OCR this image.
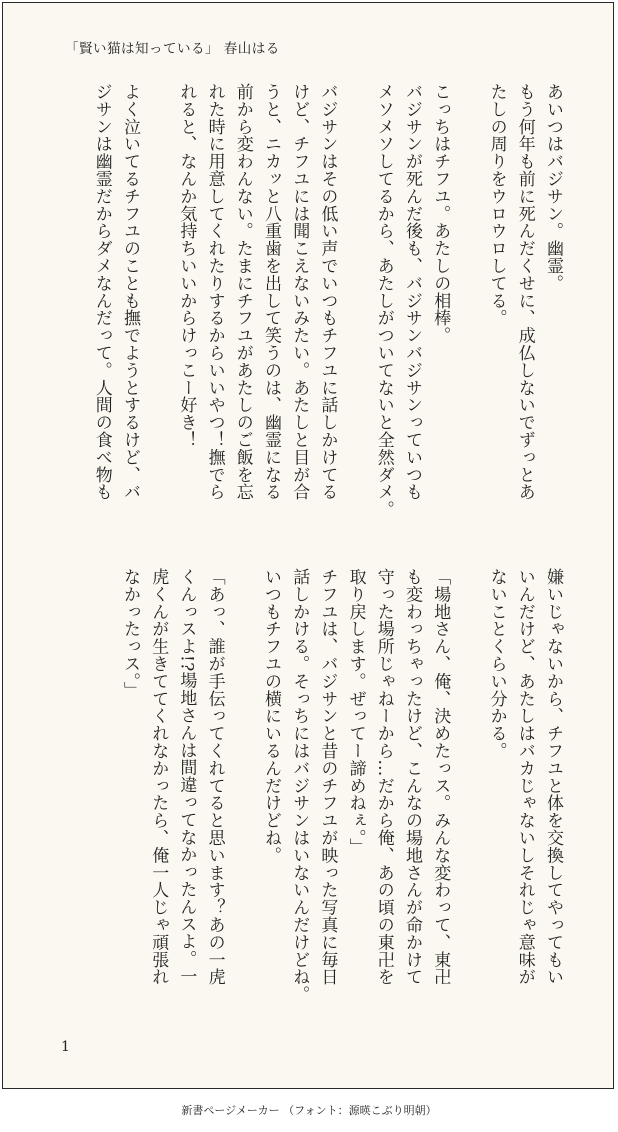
「賢い猫は知っている」 春山はる

あいつはバジサン。幽霊。

もう何年も前に死んだくせに、成仏しないでずっとあ

たしの周りをウロウロしてる。

こっちはチフユ。あたしの相棒。

バジサンが死んだ後も、バジサンバジサンっていつも

メソメソしてるから、あたしがついてないと全然ダメ。

バジサンはその低い声でいつもチフユに話しかけてる

けど、チフユには聞こえないみたい。あたしと目が合

うと、ニカッと八重歯を出して笑うのは、幽霊になる

前から変わんない。たまにチフユがあたしのご飯を忘

れた時に用意してくれたりするからいいやつ！撫でら

れると、なんか気持ちいいからけっこー好き！

よく泣いてるチフユのことも撫でようとするけど、バ

ジサンは幽霊だからダメなんだって。人間の食べ物も

嫌いじゃないから、チフユと体を交換してやってもい

いんだけど、あたしはバカじゃないしそれじゃ意味が

ないことくらい分かる。

「場地さん、俺、決めたっス。みんな変わって、東卍

も変わっちゃったけど、こんなの場地さんが命かけて

守った場所じゃねーから…だから俺、あの頃の東卍を

取り戻します。ぜってー諦めねぇ。」

チフユは、バジサンと昔のチフユが映った写真に毎日

話しかける。そっちにはバジサンはいないんだけどね。

いつもチフユの横にいるんだけどね。

「あっ、誰が手伝ってくれてると思います？あの一虎

くんっスよ!?場地さんは間違ってなかったんスよ。一

虎くんが生きててくれなかったら、俺一人じゃ頑張れ

なかったっス。」

1
新書ページメーカー （フォント：源暎こぶり明朝）
